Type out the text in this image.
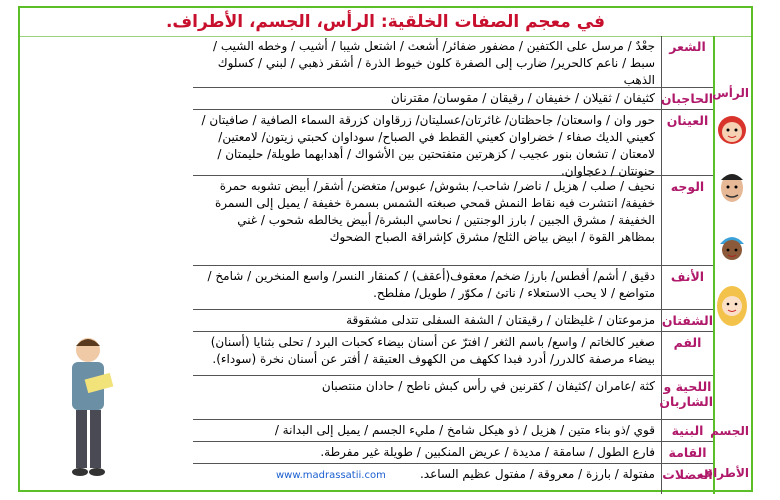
في معجم الصفات الخلقية: الرأس، الجسم، الأطراف.
الرأس
الجسم
الأطراف
الشعر
جعْدٌ / مرسل على الكتفين / مضفور ضفائر/ أشعث / اشتعل شيبا / أشيب / وخطه الشيب / سبط / ناعم كالحرير/ ضارب إلى الصفرة كلون خيوط الذرة / أشقر ذهبي / لبني / كسلوك الذهب
الحاجبان
كثيفان / ثقيلان / خفيفان / رقيقان / مقوسان/ مقترنان
العينان
حور وان / واسعتان/ جاحظتان/ غائرتان/عسليتان/ زرقاوان كزرقة السماء الصافية / صافيتان / كعيني الديك صفاء / خضراوان كعيني القطط في الصباح/ سوداوان كحبتي زيتون/ لامعتين/ لامعتان / تشعان بنور عجيب / كزهرتين متفتحتين بين الأشواك / أهدابهما طويلة/ حليمتان / حنونتان / دعجاوان.
الوجه
نحيف / صلب / هزيل / ناضر/ شاحب/ بشوش/ عبوس/ متغضن/ أشقر/ أبيض تشوبه حمرة خفيفة/ انتشرت فيه نقاط النمش قمحي صبغته الشمس بسمرة خفيفة / يميل إلى السمرة الخفيفة / مشرق الجبين / بارز الوجنتين / نحاسي البشرة/ أبيض يخالطه شحوب / غني بمظاهر القوة / ابيض بياض الثلج/ مشرق كإشراقة الصباح الضحوك
الأنف
دقيق / أشم/ أفطس/ بارز/ ضخم/ معقوف(أعقف) / كمنقار النسر/ واسع المنخرين / شامخ / متواضع / لا يحب الاستعلاء / ناتئ / مكوّر / طويل/ مفلطح.
الشفتان
مزموعتان / غليظتان / رقيقتان / الشفة السفلى تتدلى مشقوقة
الفم
صغير كالخاتم / واسع/ باسم الثغر / افترّ عن أسنان بيضاء كحبات البرد / تحلى بثنايا (أسنان) بيضاء مرصفة كالدرر/ أدرد فبدا ككهف من الكهوف العتيقة / أفتر عن أسنان نخرة (سوداء).
اللحية و الشاربان
كثة /عامران /كثيفان / كقرنين في رأس كبش ناطح / حادان منتصبان
البنية
قوي /ذو بناء متين / هزيل / ذو هيكل شامخ / مليء الجسم / يميل إلى البدانة /
القامة
فارع الطول / سامقة / مديدة / عريض المنكبين / طويلة غير مفرطة.
العضلات
مفتولة / بارزة / معروقة / مفتول عظيم الساعد.
www.madrassatii.com
